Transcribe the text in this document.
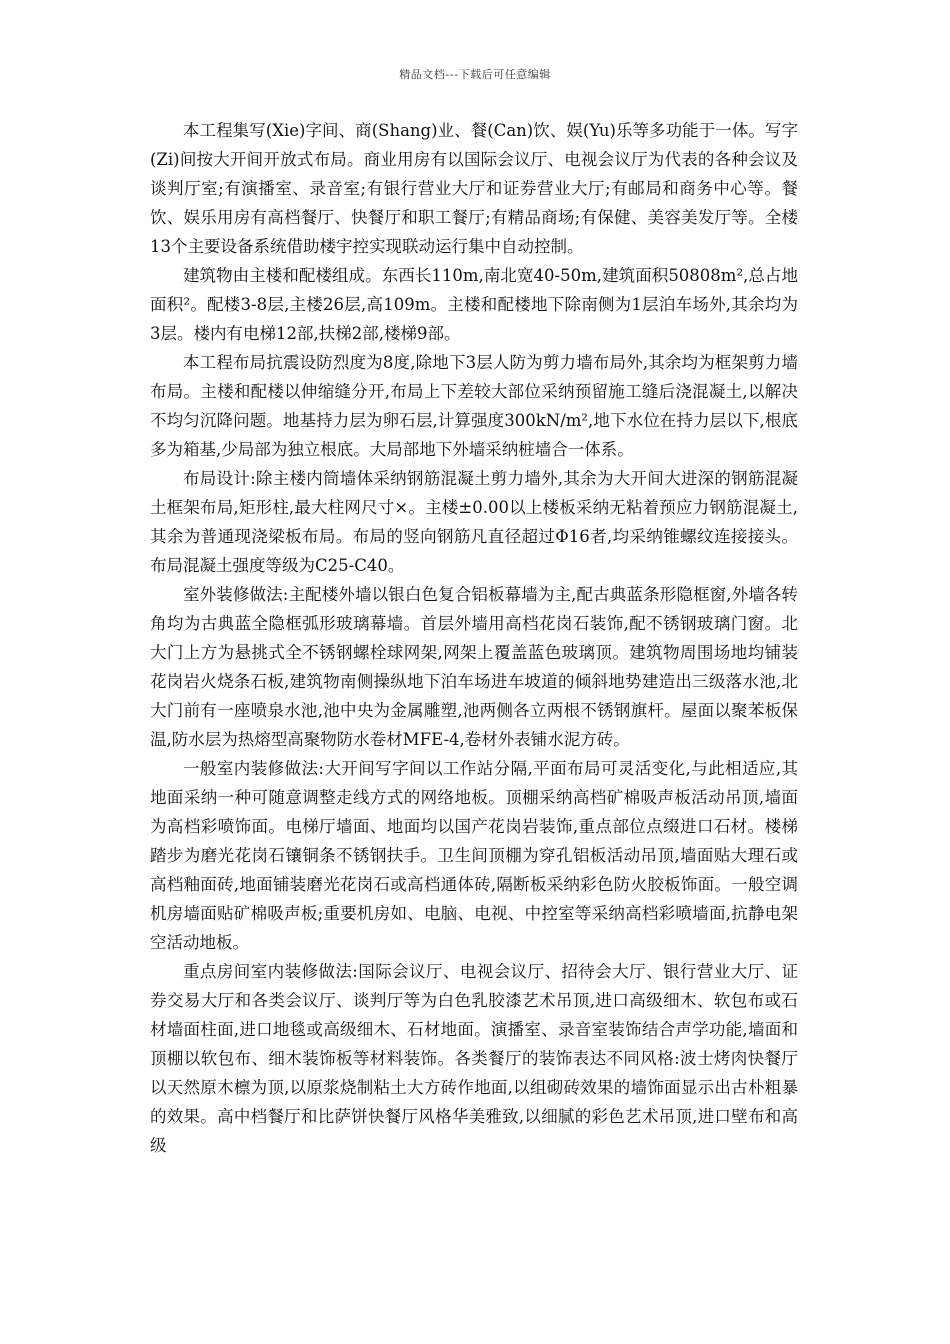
精品文档---下载后可任意编辑

本工程集写(Xie)字间、商(Shang)业、餐(Can)饮、娱(Yu)乐等多功能于一体。写字(Zi)间按大开间开放式布局。商业用房有以国际会议厅、电视会议厅为代表的各种会议及谈判厅室;有演播室、录音室;有银行营业大厅和证券营业大厅;有邮局和商务中心等。餐饮、娱乐用房有高档餐厅、快餐厅和职工餐厅;有精品商场;有保健、美容美发厅等。全楼13个主要设备系统借助楼宇控实现联动运行集中自动控制。

建筑物由主楼和配楼组成。东西长110m,南北宽40-50m,建筑面积50808m²,总占地面积²。配楼3-8层,主楼26层,高109m。主楼和配楼地下除南侧为1层泊车场外,其余均为3层。楼内有电梯12部,扶梯2部,楼梯9部。

本工程布局抗震设防烈度为8度,除地下3层人防为剪力墙布局外,其余均为框架剪力墙布局。主楼和配楼以伸缩缝分开,布局上下差较大部位采纳预留施工缝后浇混凝土,以解决不均匀沉降问题。地基持力层为卵石层,计算强度300kN/m²,地下水位在持力层以下,根底多为箱基,少局部为独立根底。大局部地下外墙采纳桩墙合一体系。

布局设计:除主楼内筒墙体采纳钢筋混凝土剪力墙外,其余为大开间大进深的钢筋混凝土框架布局,矩形柱,最大柱网尺寸×。主楼±0.00以上楼板采纳无粘着预应力钢筋混凝土,其余为普通现浇梁板布局。布局的竖向钢筋凡直径超过Φ16者,均采纳锥螺纹连接接头。布局混凝土强度等级为C25-C40。

室外装修做法:主配楼外墙以银白色复合铝板幕墙为主,配古典蓝条形隐框窗,外墙各转角均为古典蓝全隐框弧形玻璃幕墙。首层外墙用高档花岗石装饰,配不锈钢玻璃门窗。北大门上方为悬挑式全不锈钢螺栓球网架,网架上覆盖蓝色玻璃顶。建筑物周围场地均铺装花岗岩火烧条石板,建筑物南侧操纵地下泊车场进车坡道的倾斜地势建造出三级落水池,北大门前有一座喷泉水池,池中央为金属雕塑,池两侧各立两根不锈钢旗杆。屋面以聚苯板保温,防水层为热熔型高聚物防水卷材MFE-4,卷材外表铺水泥方砖。

一般室内装修做法:大开间写字间以工作站分隔,平面布局可灵活变化,与此相适应,其地面采纳一种可随意调整走线方式的网络地板。顶棚采纳高档矿棉吸声板活动吊顶,墙面为高档彩喷饰面。电梯厅墙面、地面均以国产花岗岩装饰,重点部位点缀进口石材。楼梯踏步为磨光花岗石镶铜条不锈钢扶手。卫生间顶棚为穿孔铝板活动吊顶,墙面贴大理石或高档釉面砖,地面铺装磨光花岗石或高档通体砖,隔断板采纳彩色防火胶板饰面。一般空调机房墙面贴矿棉吸声板;重要机房如、电脑、电视、中控室等采纳高档彩喷墙面,抗静电架空活动地板。

重点房间室内装修做法:国际会议厅、电视会议厅、招待会大厅、银行营业大厅、证券交易大厅和各类会议厅、谈判厅等为白色乳胶漆艺术吊顶,进口高级细木、软包布或石材墙面柱面,进口地毯或高级细木、石材地面。演播室、录音室装饰结合声学功能,墙面和顶棚以软包布、细木装饰板等材料装饰。各类餐厅的装饰表达不同风格:波士烤肉快餐厅以天然原木檩为顶,以原浆烧制粘土大方砖作地面,以组砌砖效果的墙饰面显示出古朴粗暴的效果。高中档餐厅和比萨饼快餐厅风格华美雅致,以细腻的彩色艺术吊顶,进口壁布和高级
